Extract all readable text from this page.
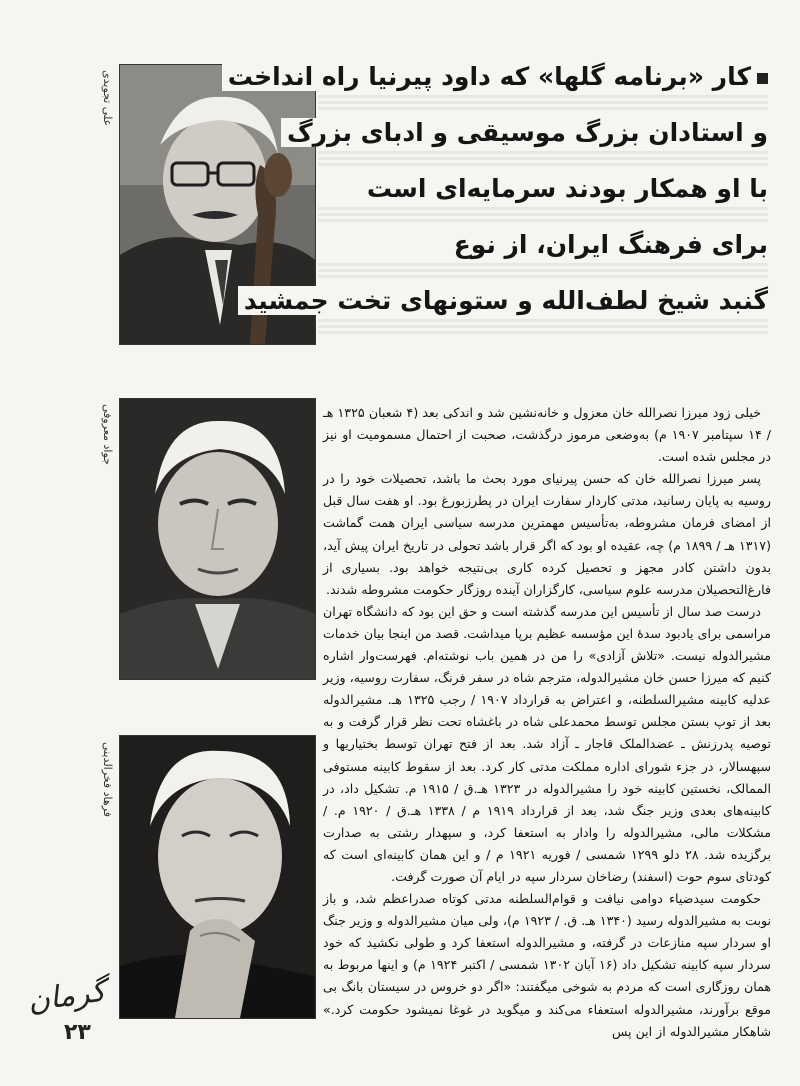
کار «برنامه گلها» که داود پیرنیا راه انداخت
و استادان بزرگ موسیقی و ادبای بزرگ
با او همکار بودند سرمایه‌ای است
برای فرهنگ ایران، از نوع
گنبد شیخ لطف‌الله و ستونهای تخت جمشید
علی تجویدی
جواد معروفی
فرهاد فخرالدینی

خیلی زود میرزا نصرالله خان معزول و خانه‌نشین شد و اندکی بعد (۴ شعبان ۱۳۲۵ هـ / ۱۴ سپتامبر ۱۹۰۷ م) به‌وضعی مرموز درگذشت، صحبت از احتمال مسمومیت او نیز در مجلس شده است.

پسر میرزا نصرالله خان که حسن پیرنیای مورد بحث ما باشد، تحصیلات خود را در روسیه به پایان رسانید، مدتی کاردار سفارت ایران در پطرزبورغ بود. او هفت سال قبل از امضای فرمان مشروطه، به‌تأسیس مهمترین مدرسه سیاسی ایران همت گماشت (۱۳۱۷ هـ / ۱۸۹۹ م) چه، عقیده او بود که اگر قرار باشد تحولی در تاریخ ایران پیش آید، بدون داشتن کادر مجهز و تحصیل کرده کاری بی‌نتیجه خواهد بود. بسیاری از فارغ‌التحصیلان مدرسه علوم سیاسی، کارگزاران آینده روزگار حکومت مشروطه شدند.

درست صد سال از تأسیس این مدرسه گذشته است و حق این بود که دانشگاه تهران مراسمی برای یادبود سدهٔ این مؤسسه عظیم برپا میداشت. قصد من اینجا بیان خدمات مشیرالدوله نیست. «تلاش آزادی» را من در همین باب نوشته‌ام. فهرست‌وار اشاره کنیم که میرزا حسن خان مشیرالدوله، مترجم شاه در سفر فرنگ، سفارت روسیه، وزیر عدلیه کابینه مشیرالسلطنه، و اعتراض به قرارداد ۱۹۰۷ / رجب ۱۳۲۵ هـ. مشیرالدوله بعد از توپ بستن مجلس توسط محمدعلی شاه در باغشاه تحت نظر قرار گرفت و به توصیه پدرزنش ـ عضدالملک قاجار ـ آزاد شد. بعد از فتح تهران توسط بختیاریها و سپهسالار، در جزء شورای اداره مملکت مدتی کار کرد. بعد از سقوط کابینه مستوفی الممالک، نخستین کابینه خود را مشیرالدوله در ۱۳۲۳ هـ.ق / ۱۹۱۵ م. تشکیل داد، در کابینه‌های بعدی وزیر جنگ شد، بعد از قرارداد ۱۹۱۹ م / ۱۳۳۸ هـ.ق / ۱۹۲۰ م. / مشکلات مالی، مشیرالدوله را وادار به استعفا کرد، و سپهدار رشتی به صدارت برگزیده شد. ۲۸ دلو ۱۲۹۹ شمسی / فوریه ۱۹۲۱ م / و این همان کابینه‌ای است که کودتای سوم حوت (اسفند) رضاخان سردار سپه در ایام آن صورت گرفت.

حکومت سیدضیاء دوامی نیافت و قوام‌السلطنه مدتی کوتاه صدراعظم شد، و باز نوبت به مشیرالدوله رسید (۱۳۴۰ هـ. ق. / ۱۹۲۳ م)، ولی میان مشیرالدوله و وزیر جنگ او سردار سپه منازعات در گرفته، و مشیرالدوله استعفا کرد و طولی نکشید که خود سردار سپه کابینه تشکیل داد (۱۶ آبان ۱۳۰۲ شمسی / اکتبر ۱۹۲۴ م) و اینها مربوط به همان روزگاری است که مردم به شوخی میگفتند: «اگر دو خروس در سیستان بانگ بی موقع برآورند، مشیرالدوله استعفاء می‌کند و میگوید در غوغا نمیشود حکومت کرد.» شاهکار مشیرالدوله از این پس

گرمان
۲۳
